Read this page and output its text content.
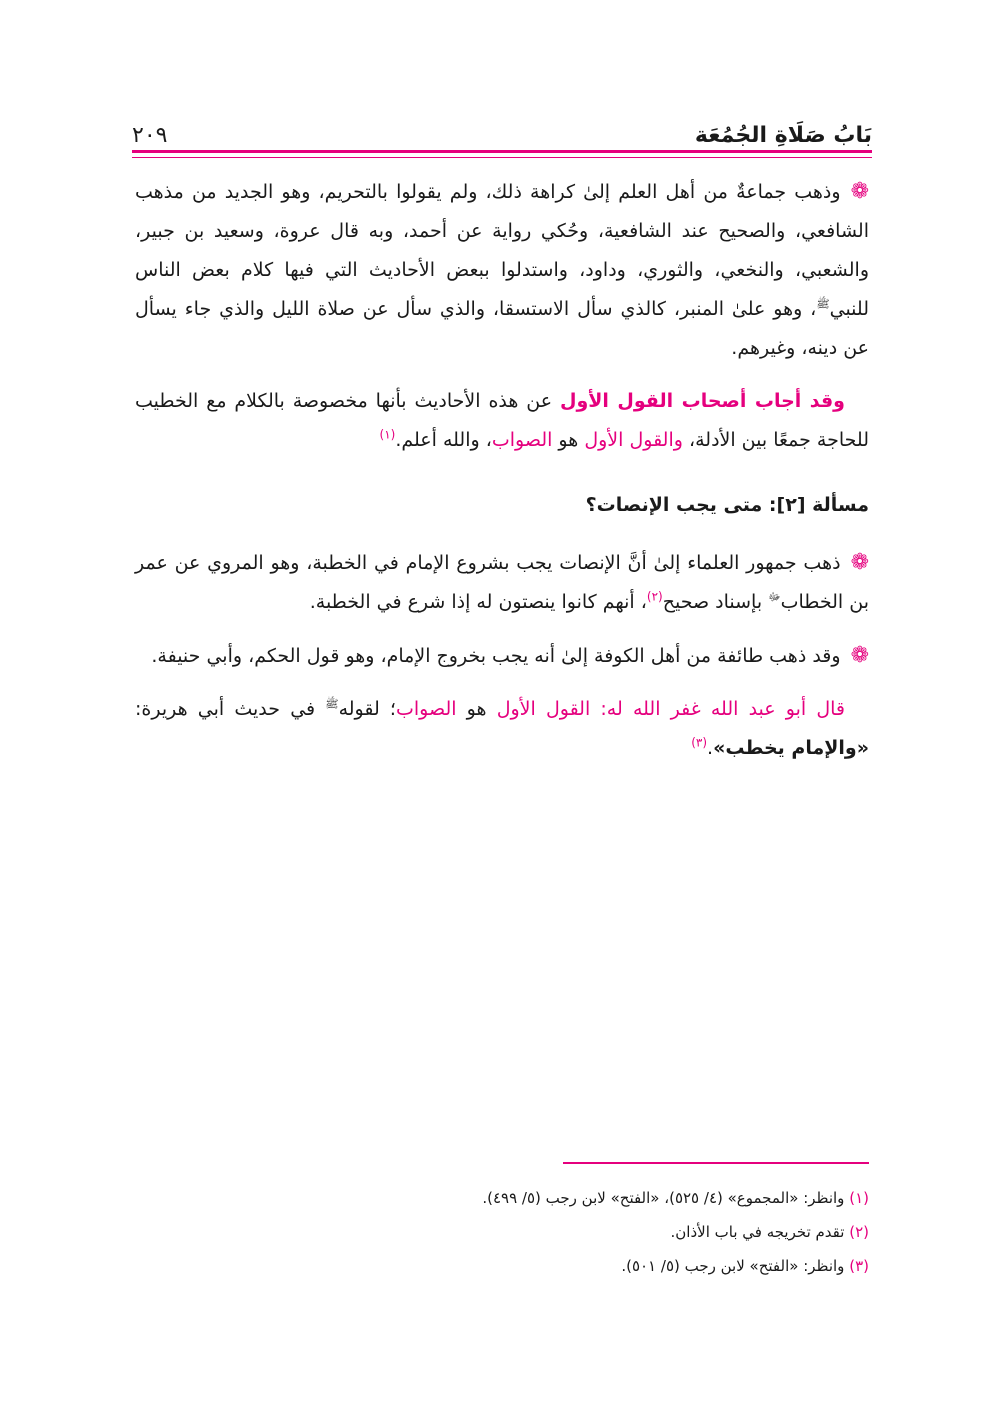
بَابُ صَلَاةِ الجُمُعَة
٢٠٩

❁وذهب جماعةٌ من أهل العلم إلىٰ كراهة ذلك، ولم يقولوا بالتحريم، وهو الجديد من مذهب الشافعي، والصحيح عند الشافعية، وحُكي رواية عن أحمد، وبه قال عروة، وسعيد بن جبير، والشعبي، والنخعي، والثوري، وداود، واستدلوا ببعض الأحاديث التي فيها كلام بعض الناس للنبي$^ﷺ$، وهو علىٰ المنبر، كالذي سأل الاستسقا، والذي سأل عن صلاة الليل والذي جاء يسأل عن دينه، وغيرهم.

وقد أجاب أصحاب القول الأول عن هذه الأحاديث بأنها مخصوصة بالكلام مع الخطيب للحاجة جمعًا بين الأدلة، والقول الأول هو الصواب، والله أعلم.$^{(١)}$

مسألة [٢]: متى يجب الإنصات؟

❁ذهب جمهور العلماء إلىٰ أنَّ الإنصات يجب بشروع الإمام في الخطبة، وهو المروي عن عمر بن الخطاب$^ﷻ$ بإسناد صحيح$^{(٢)}$، أنهم كانوا ينصتون له إذا شرع في الخطبة.

❁وقد ذهب طائفة من أهل الكوفة إلىٰ أنه يجب بخروج الإمام، وهو قول الحكم، وأبي حنيفة.

قال أبو عبد الله غفر الله له: القول الأول هو الصواب؛ لقوله$^ﷺ$ في حديث أبي هريرة: «والإمام يخطب».$^{(٣)}$

(١) وانظر: «المجموع» (٤/ ٥٢٥)، «الفتح» لابن رجب (٥/ ٤٩٩).
(٢) تقدم تخريجه في باب الأذان.
(٣) وانظر: «الفتح» لابن رجب (٥/ ٥٠١).
